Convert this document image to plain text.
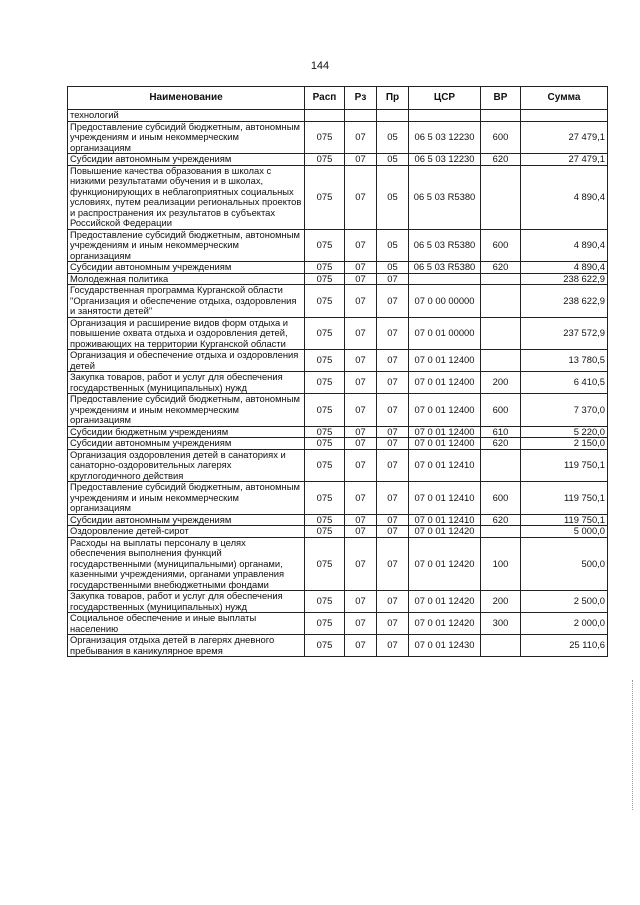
144
Наименование	Расп	Рз	Пр	ЦСР	ВР	Сумма
технологий						
Предоставление субсидий бюджетным, автономным учреждениям и иным некоммерческим организациям	075	07	05	06 5 03 12230	600	27 479,1
Субсидии автономным учреждениям	075	07	05	06 5 03 12230	620	27 479,1
Повышение качества образования в школах с низкими результатами обучения и в школах, функционирующих в неблагоприятных социальных условиях, путем реализации региональных проектов и распространения их результатов в субъектах Российской Федерации	075	07	05	06 5 03 R5380		4 890,4
Предоставление субсидий бюджетным, автономным учреждениям и иным некоммерческим организациям	075	07	05	06 5 03 R5380	600	4 890,4
Субсидии автономным учреждениям	075	07	05	06 5 03 R5380	620	4 890,4
Молодежная политика	075	07	07			238 622,9
Государственная программа Курганской области "Организация и обеспечение отдыха, оздоровления и занятости детей"	075	07	07	07 0 00 00000		238 622,9
Организация и расширение видов форм отдыха и повышение охвата отдыха и оздоровления детей, проживающих на территории Курганской области	075	07	07	07 0 01 00000		237 572,9
Организация и обеспечение отдыха и оздоровления детей	075	07	07	07 0 01 12400		13 780,5
Закупка товаров, работ и услуг для обеспечения государственных (муниципальных) нужд	075	07	07	07 0 01 12400	200	6 410,5
Предоставление субсидий бюджетным, автономным учреждениям и иным некоммерческим организациям	075	07	07	07 0 01 12400	600	7 370,0
Субсидии бюджетным учреждениям	075	07	07	07 0 01 12400	610	5 220,0
Субсидии автономным учреждениям	075	07	07	07 0 01 12400	620	2 150,0
Организация оздоровления детей в санаториях и санаторно-оздоровительных лагерях круглогодичного действия	075	07	07	07 0 01 12410		119 750,1
Предоставление субсидий бюджетным, автономным учреждениям и иным некоммерческим организациям	075	07	07	07 0 01 12410	600	119 750,1
Субсидии автономным учреждениям	075	07	07	07 0 01 12410	620	119 750,1
Оздоровление детей-сирот	075	07	07	07 0 01 12420		5 000,0
Расходы на выплаты персоналу в целях обеспечения выполнения функций государственными (муниципальными) органами, казенными учреждениями, органами управления государственными внебюджетными фондами	075	07	07	07 0 01 12420	100	500,0
Закупка товаров, работ и услуг для обеспечения государственных (муниципальных) нужд	075	07	07	07 0 01 12420	200	2 500,0
Социальное обеспечение и иные выплаты населению	075	07	07	07 0 01 12420	300	2 000,0
Организация отдыха детей в лагерях дневного пребывания в каникулярное время	075	07	07	07 0 01 12430		25 110,6
